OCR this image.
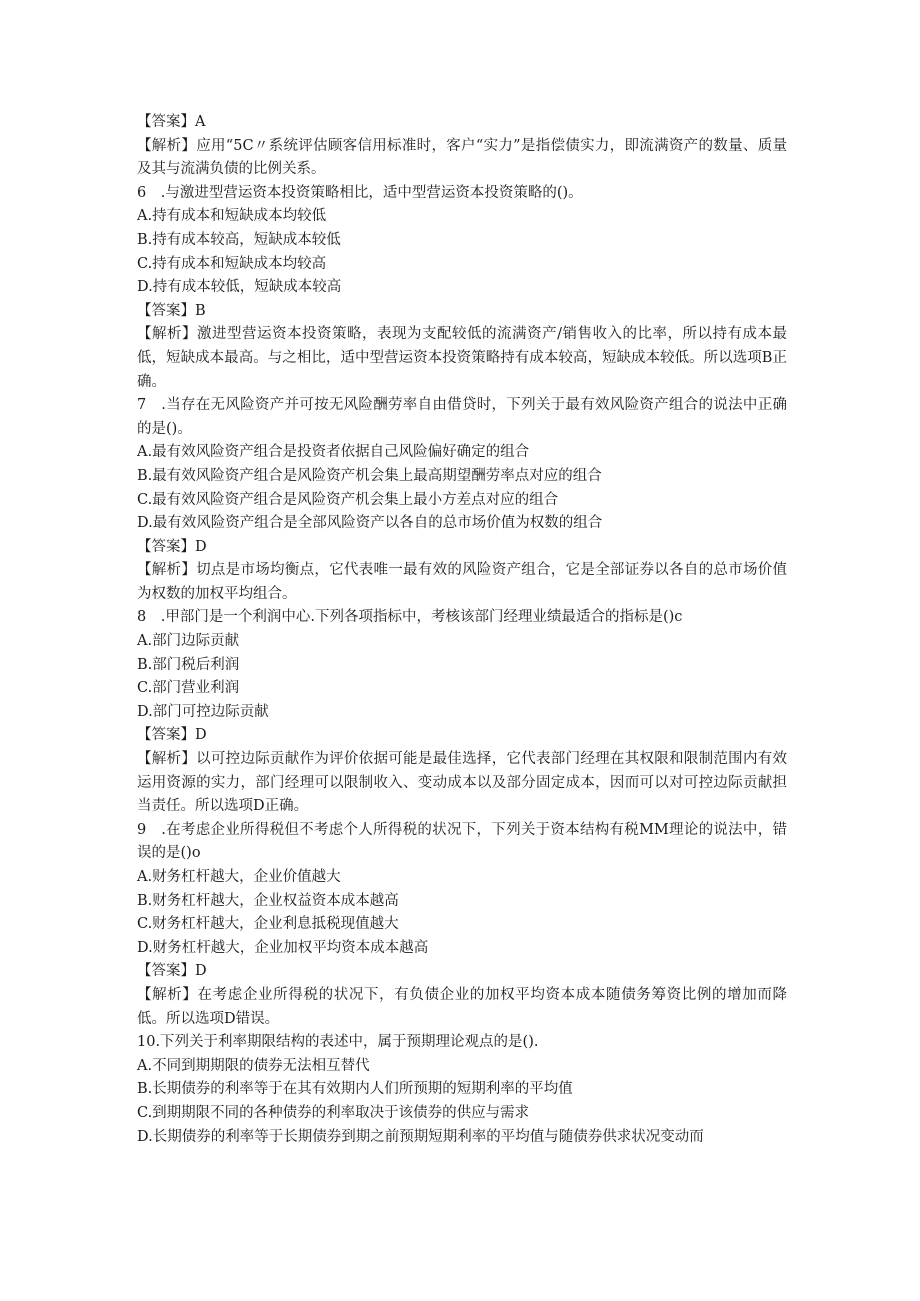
【答案】A
【解析】应用“5C〃系统评估顾客信用标准时，客户“实力”是指偿债实力，即流满资产的数量、质量及其与流满负债的比例关系。
6　.与激进型营运资本投资策略相比，适中型营运资本投资策略的()。
A.持有成本和短缺成本均较低
B.持有成本较高，短缺成本较低
C.持有成本和短缺成本均较高
D.持有成本较低，短缺成本较高
【答案】B
【解析】激进型营运资本投资策略，表现为支配较低的流满资产/销售收入的比率，所以持有成本最低，短缺成本最高。与之相比，适中型营运资本投资策略持有成本较高，短缺成本较低。所以选项B正确。
7　.当存在无风险资产并可按无风险酬劳率自由借贷时，下列关于最有效风险资产组合的说法中正确的是()。
A.最有效风险资产组合是投资者依据自己风险偏好确定的组合
B.最有效风险资产组合是风险资产机会集上最高期望酬劳率点对应的组合
C.最有效风险资产组合是风险资产机会集上最小方差点对应的组合
D.最有效风险资产组合是全部风险资产以各自的总市场价值为权数的组合
【答案】D
【解析】切点是市场均衡点，它代表唯一最有效的风险资产组合，它是全部证券以各自的总市场价值为权数的加权平均组合。
8　.甲部门是一个利润中心.下列各项指标中，考核该部门经理业绩最适合的指标是()c
A.部门边际贡献
B.部门税后利润
C.部门营业利润
D.部门可控边际贡献
【答案】D
【解析】以可控边际贡献作为评价依据可能是最佳选择，它代表部门经理在其权限和限制范围内有效运用资源的实力，部门经理可以限制收入、变动成本以及部分固定成本，因而可以对可控边际贡献担当责任。所以选项D正确。
9　.在考虑企业所得税但不考虑个人所得税的状况下，下列关于资本结构有税MM理论的说法中，错误的是()o
A.财务杠杆越大，企业价值越大
B.财务杠杆越大，企业权益资本成本越高
C.财务杠杆越大，企业利息抵税现值越大
D.财务杠杆越大，企业加权平均资本成本越高
【答案】D
【解析】在考虑企业所得税的状况下，有负债企业的加权平均资本成本随债务筹资比例的增加而降低。所以选项D错误。
10.下列关于利率期限结构的表述中，属于预期理论观点的是().
A.不同到期期限的债券无法相互替代
B.长期债券的利率等于在其有效期内人们所预期的短期利率的平均值
C.到期期限不同的各种债券的利率取决于该债券的供应与需求
D.长期债券的利率等于长期债券到期之前预期短期利率的平均值与随债券供求状况变动而
